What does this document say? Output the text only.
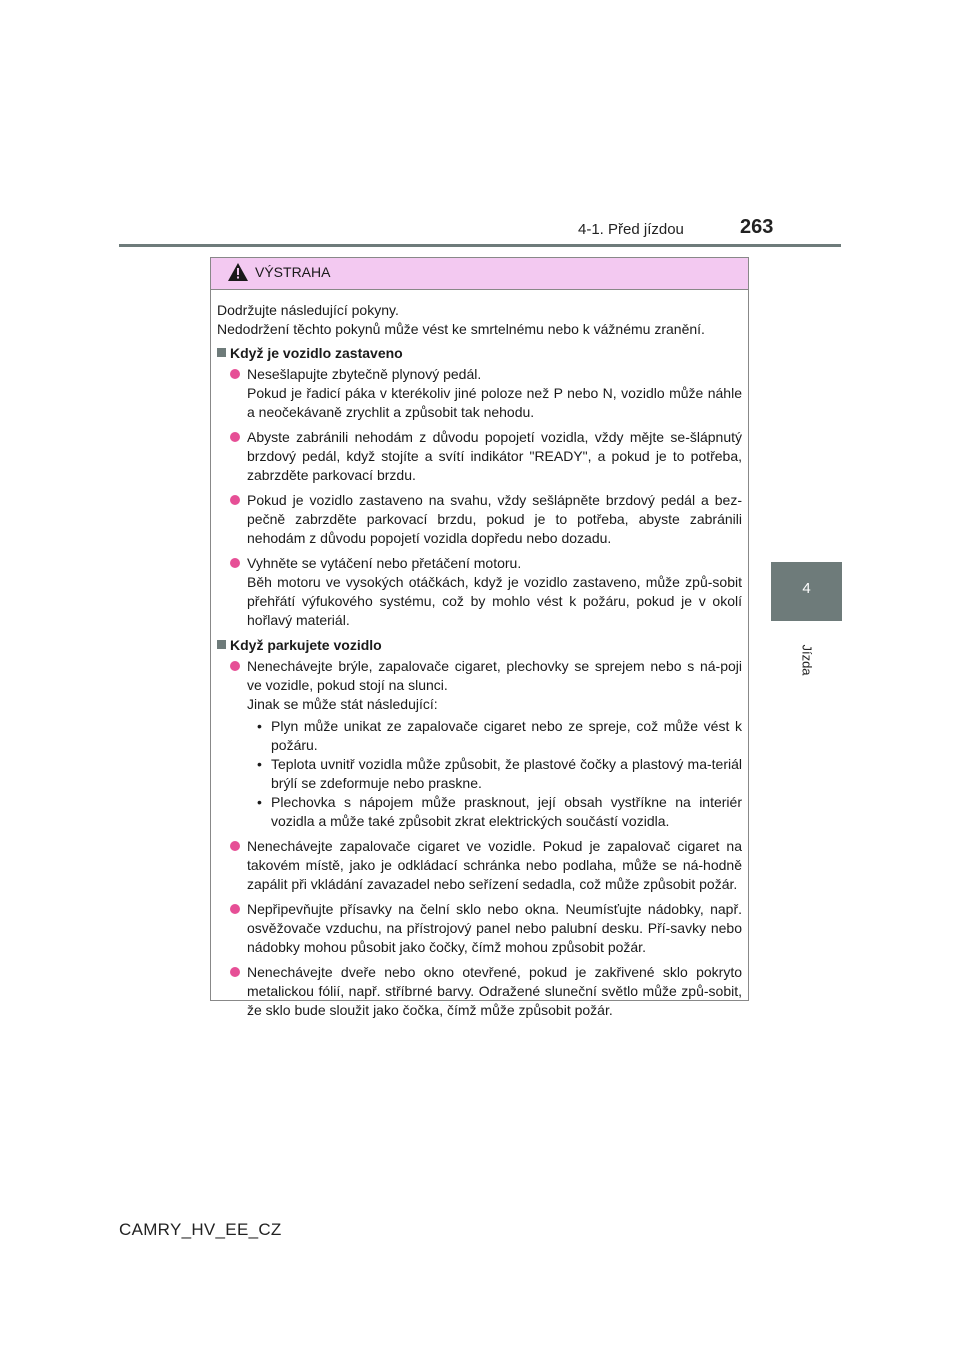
4-1. Před jízdou	263
4
Jízda
VÝSTRAHA
Dodržujte následující pokyny.
Nedodržení těchto pokynů může vést ke smrtelnému nebo k vážnému zranění.
Když je vozidlo zastaveno

Nesešlapujte zbytečně plynový pedál.

Pokud je řadicí páka v kterékoliv jiné poloze než P nebo N, vozidlo může náhle a neočekávaně zrychlit a způsobit tak nehodu.

Abyste zabránili nehodám z důvodu popojetí vozidla, vždy mějte se-šlápnutý brzdový pedál, když stojíte a svítí indikátor "READY", a pokud je to potřeba, zabrzděte parkovací brzdu.

Pokud je vozidlo zastaveno na svahu, vždy sešlápněte brzdový pedál a bez-pečně zabrzděte parkovací brzdu, pokud je to potřeba, abyste zabránili nehodám z důvodu popojetí vozidla dopředu nebo dozadu.

Vyhněte se vytáčení nebo přetáčení motoru.

Běh motoru ve vysokých otáčkách, když je vozidlo zastaveno, může způ-sobit přehřátí výfukového systému, což by mohlo vést k požáru, pokud je v okolí hořlavý materiál.

Když parkujete vozidlo

Nenechávejte brýle, zapalovače cigaret, plechovky se sprejem nebo s ná-poji ve vozidle, pokud stojí na slunci.

Jinak se může stát následující:

• Plyn může unikat ze zapalovače cigaret nebo ze spreje, což může vést k požáru.
• Teplota uvnitř vozidla může způsobit, že plastové čočky a plastový ma-teriál brýlí se zdeformuje nebo praskne.
• Plechovka s nápojem může prasknout, její obsah vystříkne na interiér vozidla a může také způsobit zkrat elektrických součástí vozidla.

Nenechávejte zapalovače cigaret ve vozidle. Pokud je zapalovač cigaret na takovém místě, jako je odkládací schránka nebo podlaha, může se ná-hodně zapálit při vkládání zavazadel nebo seřízení sedadla, což může způsobit požár.

Nepřipevňujte přísavky na čelní sklo nebo okna. Neumísťujte nádobky, např. osvěžovače vzduchu, na přístrojový panel nebo palubní desku. Pří-savky nebo nádobky mohou působit jako čočky, čímž mohou způsobit požár.

Nenechávejte dveře nebo okno otevřené, pokud je zakřivené sklo pokryto metalickou fólií, např. stříbrné barvy. Odražené sluneční světlo může způ-sobit, že sklo bude sloužit jako čočka, čímž může způsobit požár.

CAMRY_HV_EE_CZ
